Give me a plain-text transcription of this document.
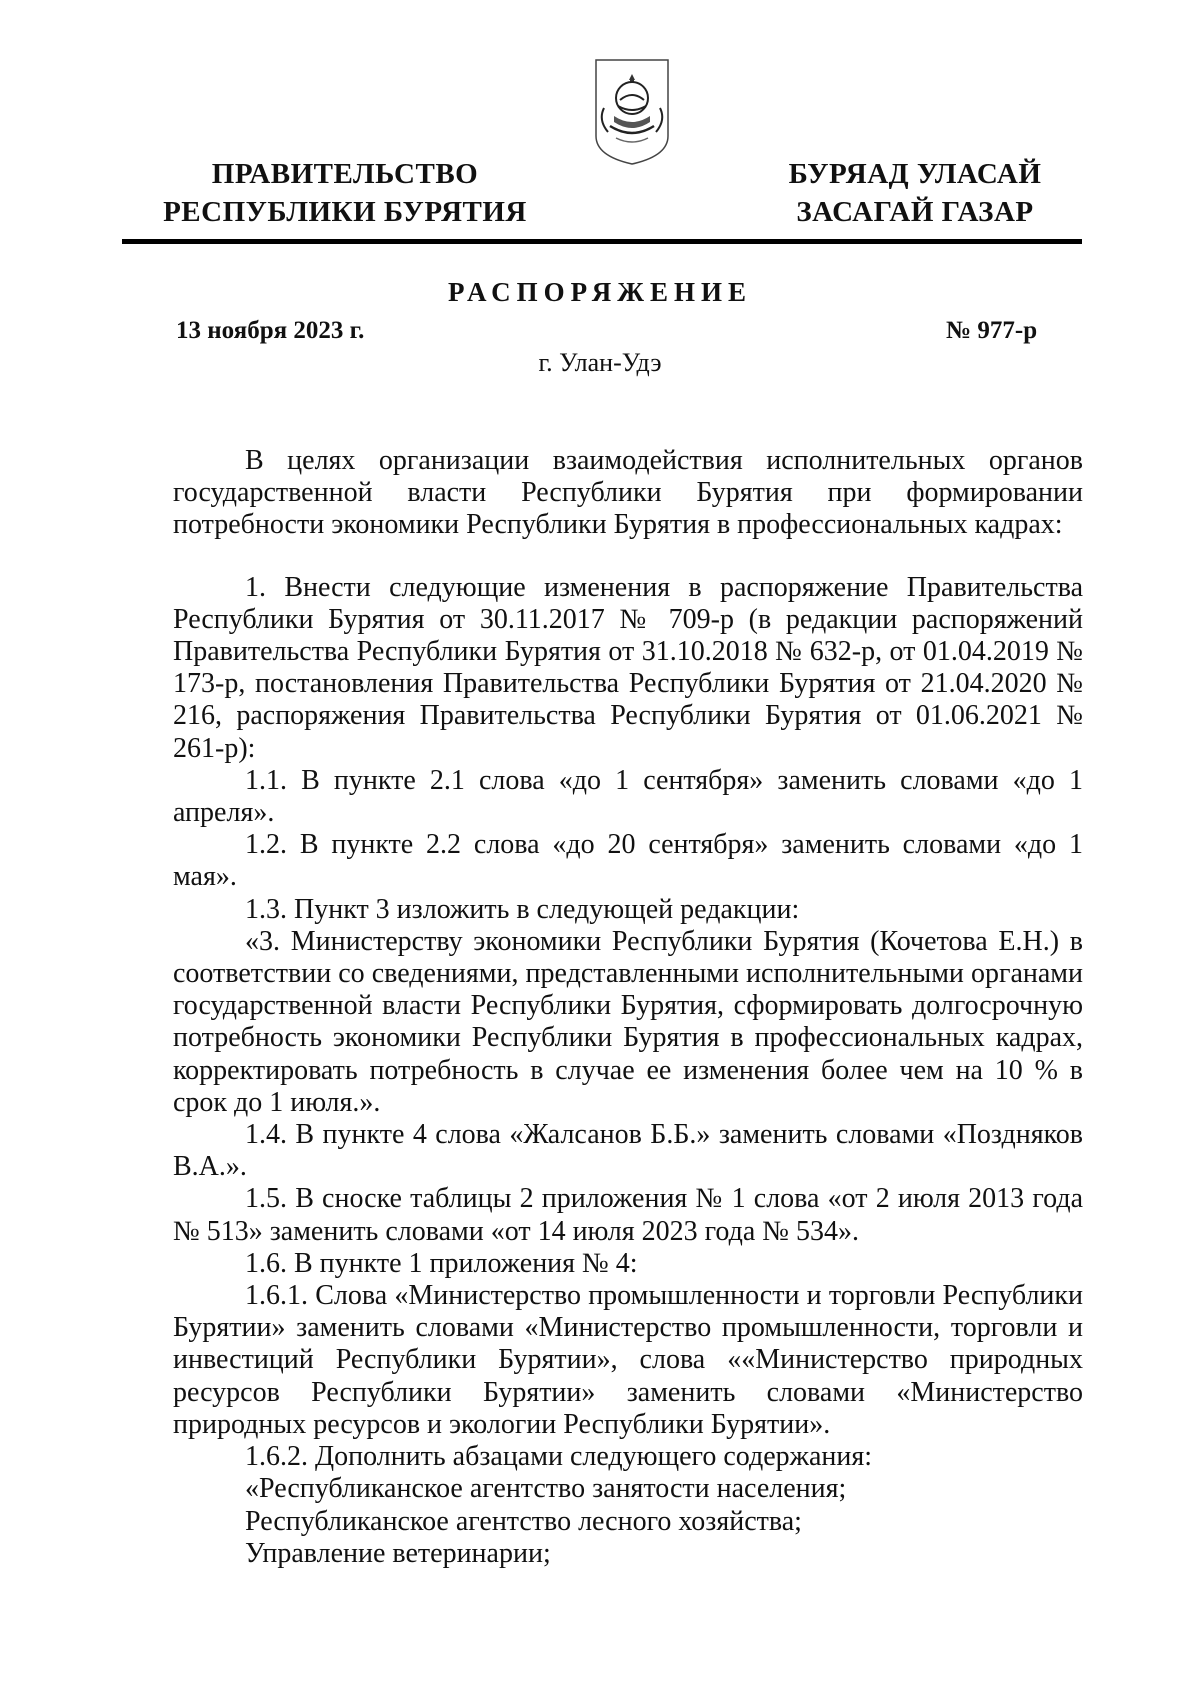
ПРАВИТЕЛЬСТВО
РЕСПУБЛИКИ БУРЯТИЯ
БУРЯАД УЛАСАЙ
ЗАСАГАЙ ГАЗАР
РАСПОРЯЖЕНИЕ
13 ноября 2023 г.	№ 977-р
г. Улан-Удэ

В целях организации взаимодействия исполнительных органов государственной власти Республики Бурятия при формировании потребности экономики Республики Бурятия в профессиональных кадрах:

1. Внести следующие изменения в распоряжение Правительства Республики Бурятия от 30.11.2017 № 709-р (в редакции распоряжений Правительства Республики Бурятия от 31.10.2018 № 632-р, от 01.04.2019 № 173-р, постановления Правительства Республики Бурятия от 21.04.2020 № 216, распоряжения Правительства Республики Бурятия от 01.06.2021 № 261-р):

1.1. В пункте 2.1 слова «до 1 сентября» заменить словами «до 1 апреля».

1.2. В пункте 2.2 слова «до 20 сентября» заменить словами «до 1 мая».

1.3. Пункт 3 изложить в следующей редакции:

«3. Министерству экономики Республики Бурятия (Кочетова Е.Н.) в соответствии со сведениями, представленными исполнительными органами государственной власти Республики Бурятия, сформировать долгосрочную потребность экономики Республики Бурятия в профессиональных кадрах, корректировать потребность в случае ее изменения более чем на 10 % в срок до 1 июля.».

1.4. В пункте 4 слова «Жалсанов Б.Б.» заменить словами «Поздняков В.А.».

1.5. В сноске таблицы 2 приложения № 1 слова «от 2 июля 2013 года № 513» заменить словами «от 14 июля 2023 года № 534».

1.6. В пункте 1 приложения № 4:

1.6.1. Слова «Министерство промышленности и торговли Республики Бурятии» заменить словами «Министерство промышленности, торговли и инвестиций Республики Бурятии», слова ««Министерство природных ресурсов Республики Бурятии» заменить словами «Министерство природных ресурсов и экологии Республики Бурятии».

1.6.2. Дополнить абзацами следующего содержания:

«Республиканское агентство занятости населения;

Республиканское агентство лесного хозяйства;

Управление ветеринарии;
